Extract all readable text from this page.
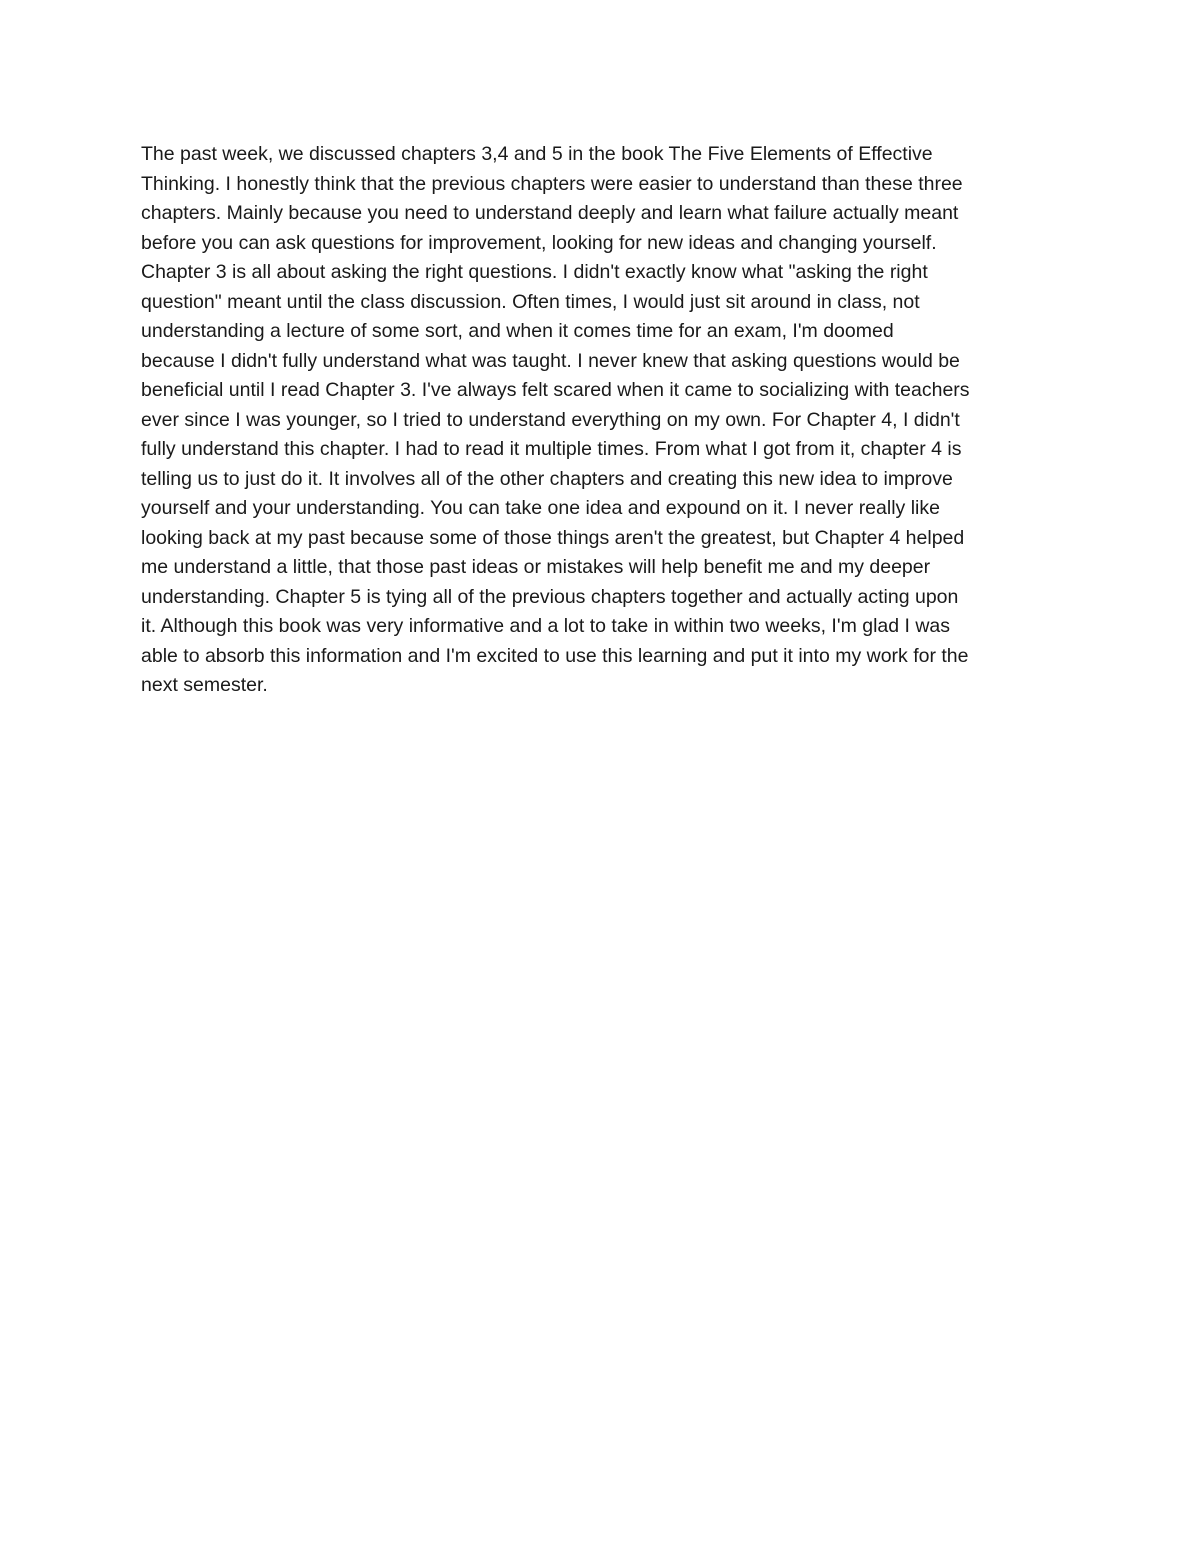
The past week, we discussed chapters 3,4 and 5 in the book The Five Elements of Effective
Thinking. I honestly think that the previous chapters were easier to understand than these three
chapters. Mainly because you need to understand deeply and learn what failure actually meant
before you can ask questions for improvement, looking for new ideas and changing yourself.
Chapter 3 is all about asking the right questions. I didn't exactly know what "asking the right
question" meant until the class discussion. Often times, I would just sit around in class, not
understanding a lecture of some sort, and when it comes time for an exam, I'm doomed
because I didn't fully understand what was taught. I never knew that asking questions would be
beneficial until I read Chapter 3. I've always felt scared when it came to socializing with teachers
ever since I was younger, so I tried to understand everything on my own. For Chapter 4, I didn't
fully understand this chapter. I had to read it multiple times. From what I got from it, chapter 4 is
telling us to just do it. It involves all of the other chapters and creating this new idea to improve
yourself and your understanding. You can take one idea and expound on it. I never really like
looking back at my past because some of those things aren't the greatest, but Chapter 4 helped
me understand a little, that those past ideas or mistakes will help benefit me and my deeper
understanding. Chapter 5 is tying all of the previous chapters together and actually acting upon
it. Although this book was very informative and a lot to take in within two weeks, I'm glad I was
able to absorb this information and I'm excited to use this learning and put it into my work for the
next semester.
